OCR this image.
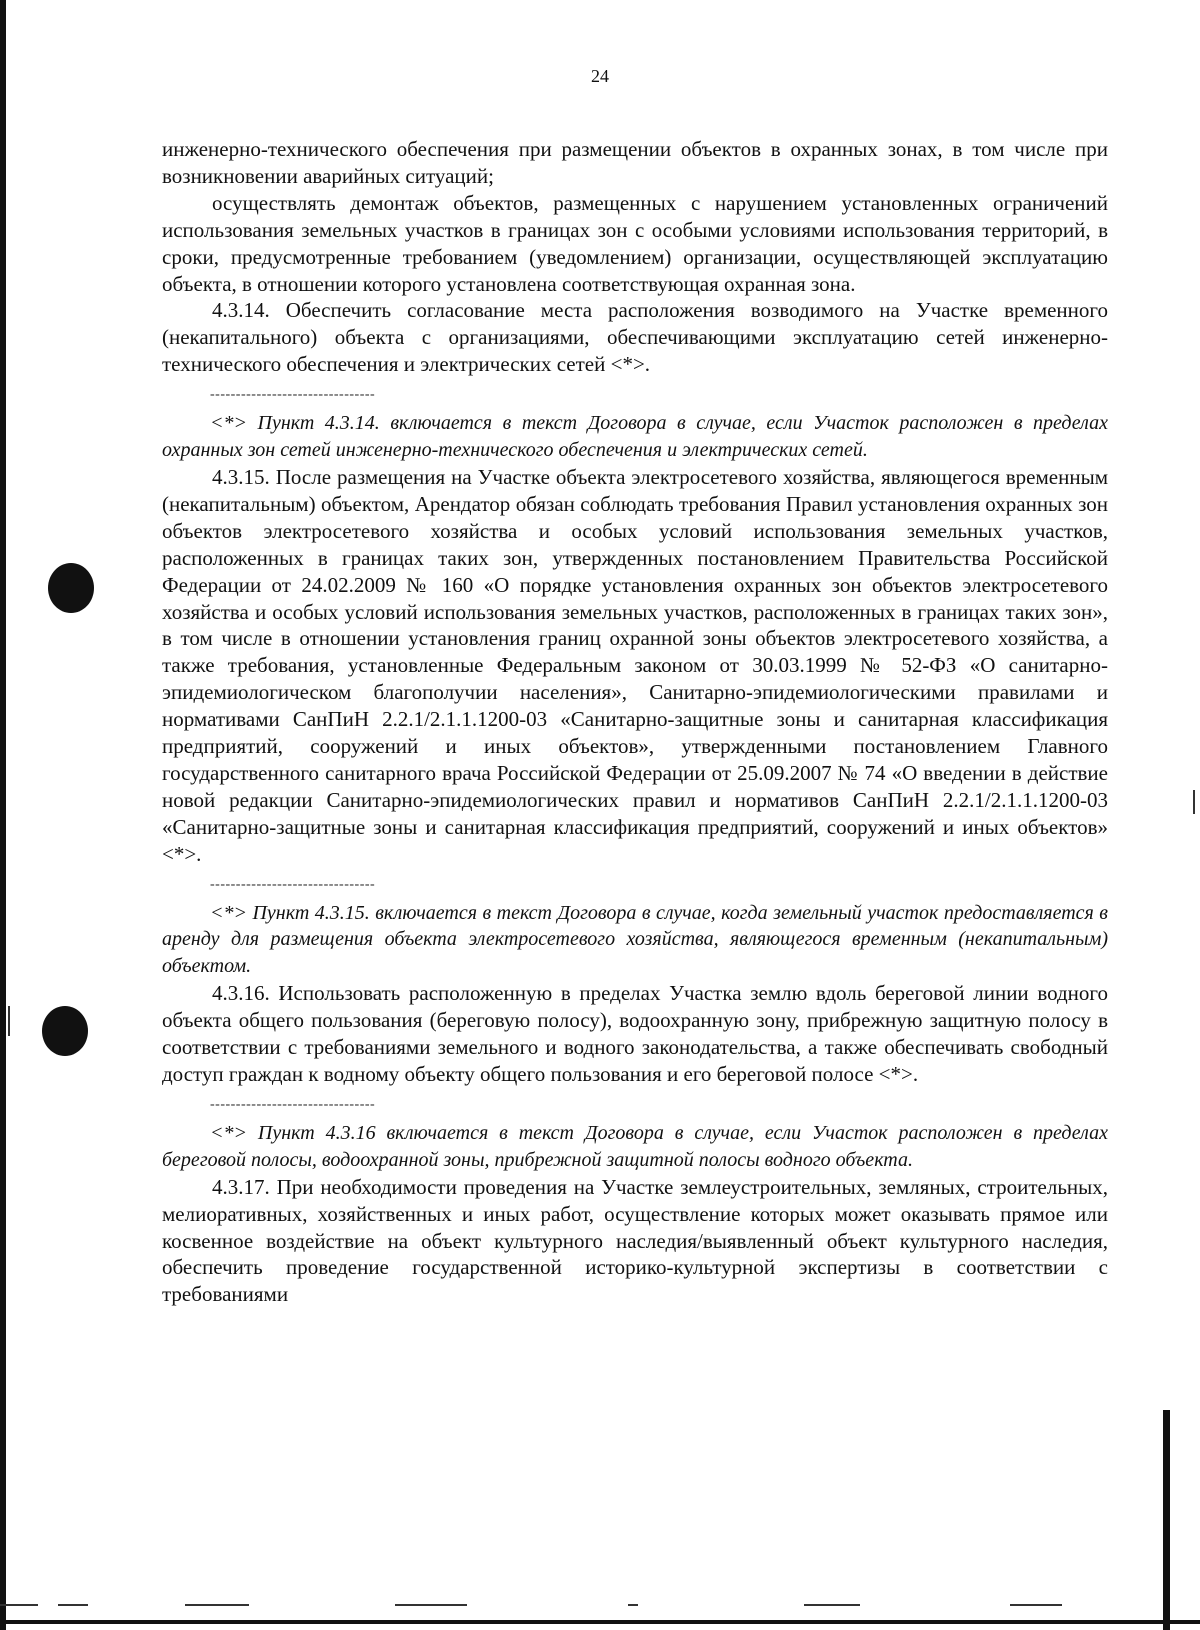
24

инженерно-технического обеспечения при размещении объектов в охранных зонах, в том числе при возникновении аварийных ситуаций;

осуществлять демонтаж объектов, размещенных с нарушением установленных ограничений использования земельных участков в границах зон с особыми условиями использования территорий, в сроки, предусмотренные требованием (уведомлением) организации, осуществляющей эксплуатацию объекта, в отношении которого установлена соответствующая охранная зона.

4.3.14. Обеспечить согласование места расположения возводимого на Участке временного (некапитального) объекта с организациями, обеспечивающими эксплуатацию сетей инженерно-технического обеспечения и электрических сетей <*>.

--------------------------------

<*> Пункт 4.3.14. включается в текст Договора в случае, если Участок расположен в пределах охранных зон сетей инженерно-технического обеспечения и электрических сетей.

4.3.15. После размещения на Участке объекта электросетевого хозяйства, являющегося временным (некапитальным) объектом, Арендатор обязан соблюдать требования Правил установления охранных зон объектов электросетевого хозяйства и особых условий использования земельных участков, расположенных в границах таких зон, утвержденных постановлением Правительства Российской Федерации от 24.02.2009 № 160 «О порядке установления охранных зон объектов электросетевого хозяйства и особых условий использования земельных участков, расположенных в границах таких зон», в том числе в отношении установления границ охранной зоны объектов электросетевого хозяйства, а также требования, установленные Федеральным законом от 30.03.1999 № 52-ФЗ «О санитарно-эпидемиологическом благополучии населения», Санитарно-эпидемиологическими правилами и нормативами СанПиН 2.2.1/2.1.1.1200-03 «Санитарно-защитные зоны и санитарная классификация предприятий, сооружений и иных объектов», утвержденными постановлением Главного государственного санитарного врача Российской Федерации от 25.09.2007 № 74 «О введении в действие новой редакции Санитарно-эпидемиологических правил и нормативов СанПиН 2.2.1/2.1.1.1200-03 «Санитарно-защитные зоны и санитарная классификация предприятий, сооружений и иных объектов» <*>.

--------------------------------

<*> Пункт 4.3.15. включается в текст Договора в случае, когда земельный участок предоставляется в аренду для размещения объекта электросетевого хозяйства, являющегося временным (некапитальным) объектом.

4.3.16. Использовать расположенную в пределах Участка землю вдоль береговой линии водного объекта общего пользования (береговую полосу), водоохранную зону, прибрежную защитную полосу в соответствии с требованиями земельного и водного законодательства, а также обеспечивать свободный доступ граждан к водному объекту общего пользования и его береговой полосе <*>.

--------------------------------

<*> Пункт 4.3.16 включается в текст Договора в случае, если Участок расположен в пределах береговой полосы, водоохранной зоны, прибрежной защитной полосы водного объекта.

4.3.17. При необходимости проведения на Участке землеустроительных, земляных, строительных, мелиоративных, хозяйственных и иных работ, осуществление которых может оказывать прямое или косвенное воздействие на объект культурного наследия/выявленный объект культурного наследия, обеспечить проведение государственной историко-культурной экспертизы в соответствии с требованиями
